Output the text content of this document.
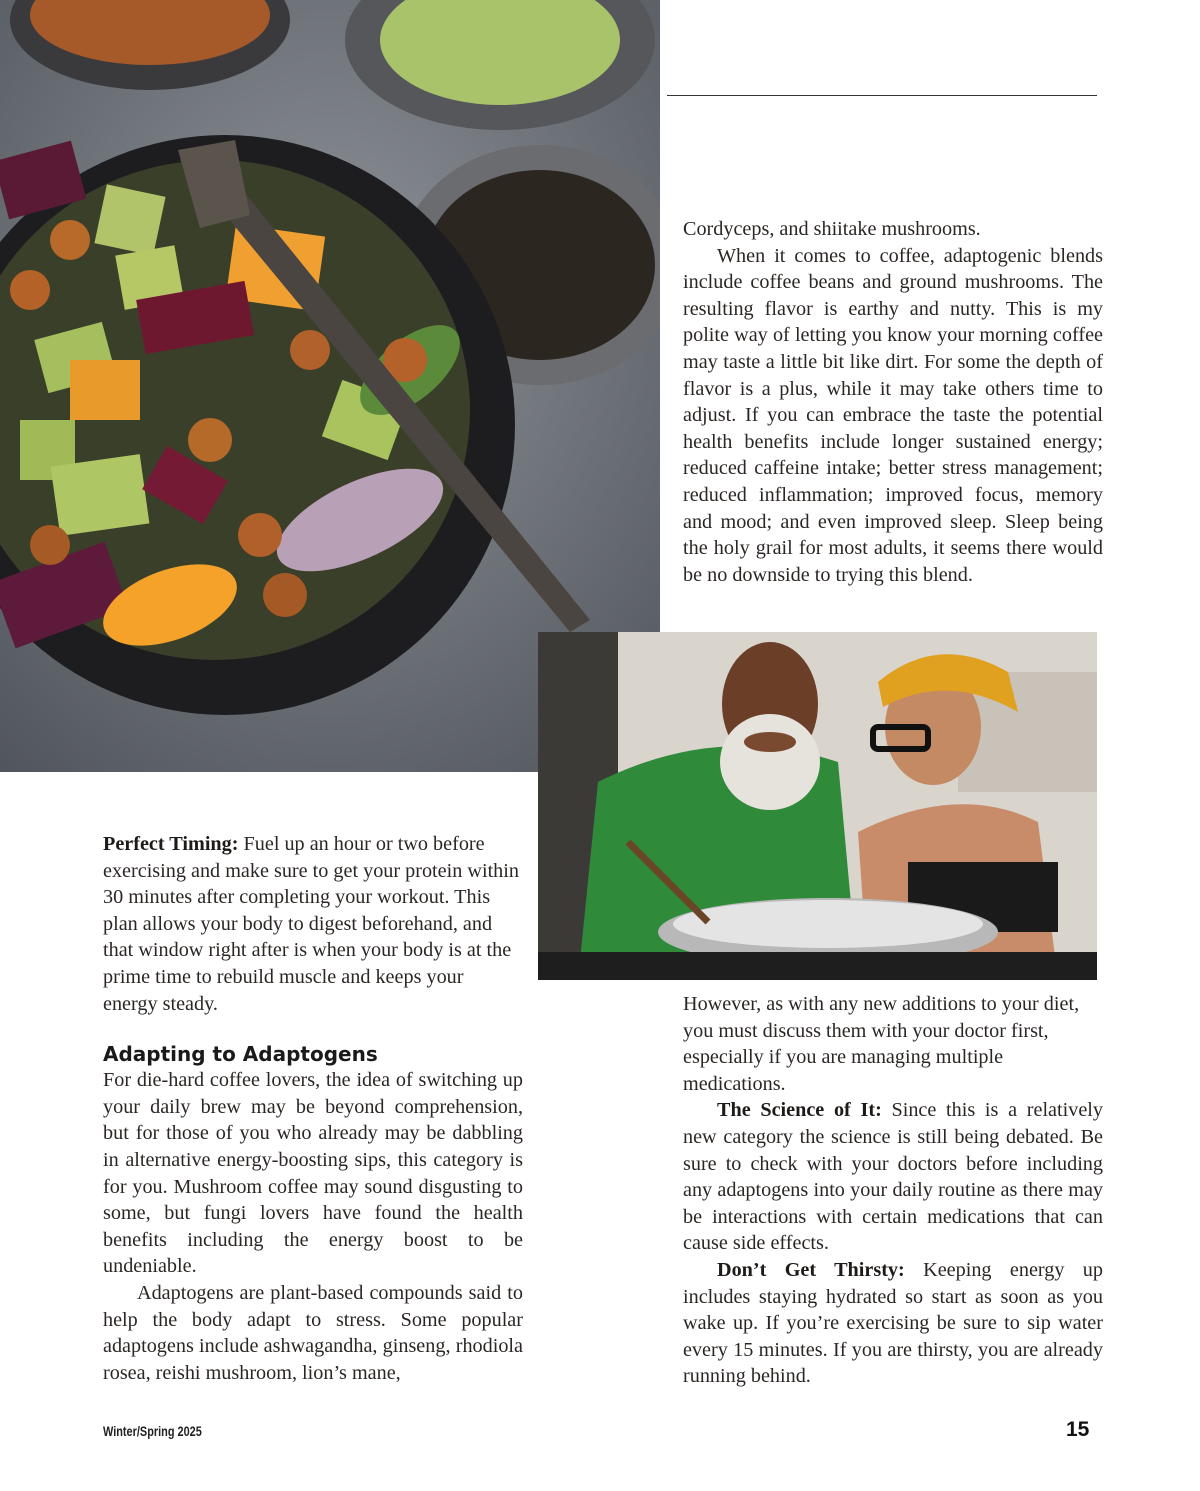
Cordyceps, and shiitake mushrooms.

When it comes to coffee, adaptogenic blends include coffee beans and ground mushrooms. The resulting flavor is earthy and nutty. This is my polite way of letting you know your morning coffee may taste a little bit like dirt. For some the depth of flavor is a plus, while it may take others time to adjust. If you can embrace the taste the potential health benefits include longer sustained energy; reduced caffeine intake; better stress management; reduced inflammation; improved focus, memory and mood; and even improved sleep. Sleep being the holy grail for most adults, it seems there would be no downside to trying this blend.

Perfect Timing: Fuel up an hour or two before exercising and make sure to get your protein within 30 minutes after completing your workout. This plan allows your body to digest beforehand, and that window right after is when your body is at the prime time to rebuild muscle and keeps your energy steady.

Adapting to Adaptogens

For die-hard coffee lovers, the idea of switching up your daily brew may be beyond comprehension, but for those of you who already may be dabbling in alternative energy-boosting sips, this category is for you. Mushroom coffee may sound disgusting to some, but fungi lovers have found the health benefits including the energy boost to be undeniable.

Adaptogens are plant-based compounds said to help the body adapt to stress. Some popular adaptogens include ashwagandha, ginseng, rhodiola rosea, reishi mushroom, lion’s mane,

However, as with any new additions to your diet, you must discuss them with your doctor first, especially if you are managing multiple medications.

The Science of It: Since this is a relatively new category the science is still being debated. Be sure to check with your doctors before including any adaptogens into your daily routine as there may be interactions with certain medications that can cause side effects.

Don’t Get Thirsty: Keeping energy up includes staying hydrated so start as soon as you wake up. If you’re exercising be sure to sip water every 15 minutes. If you are thirsty, you are already running behind.

Winter/Spring 2025	15
